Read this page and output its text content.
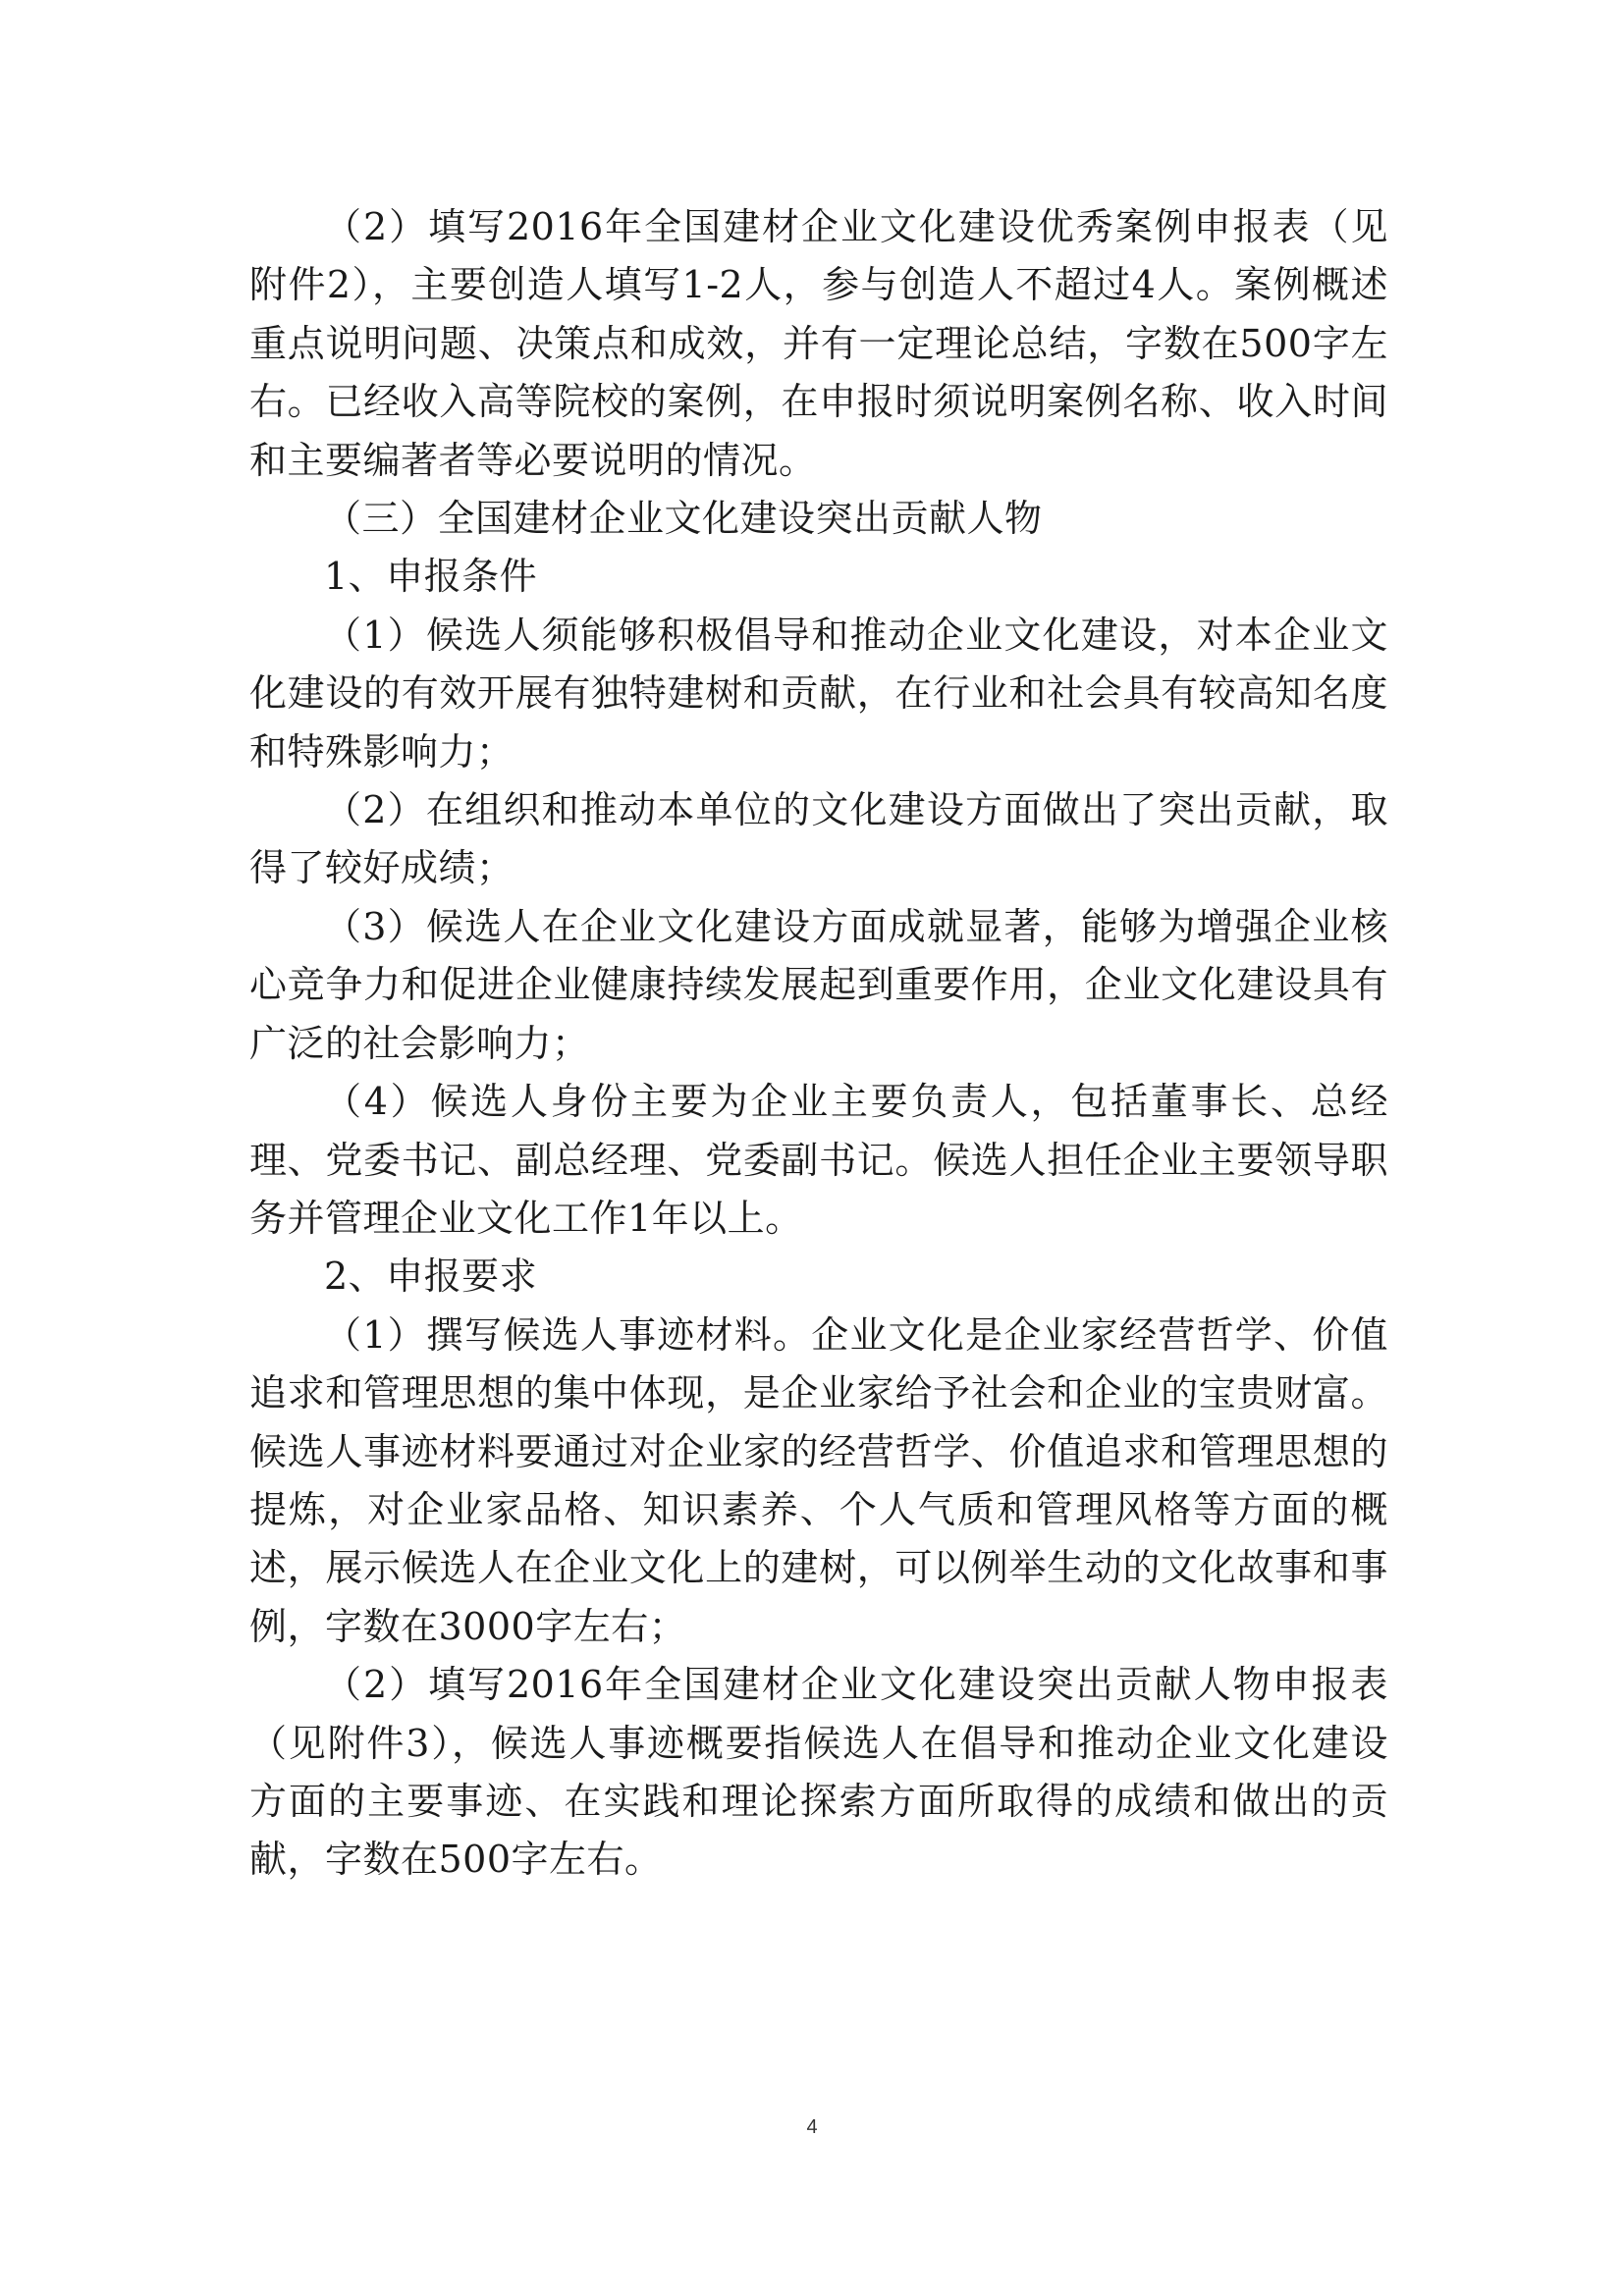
（2）填写2016年全国建材企业文化建设优秀案例申报表（见附件2），主要创造人填写1-2人，参与创造人不超过4人。案例概述重点说明问题、决策点和成效，并有一定理论总结，字数在500字左右。已经收入高等院校的案例，在申报时须说明案例名称、收入时间和主要编著者等必要说明的情况。

（三）全国建材企业文化建设突出贡献人物

1、申报条件

（1）候选人须能够积极倡导和推动企业文化建设，对本企业文化建设的有效开展有独特建树和贡献，在行业和社会具有较高知名度和特殊影响力；

（2）在组织和推动本单位的文化建设方面做出了突出贡献，取得了较好成绩；

（3）候选人在企业文化建设方面成就显著，能够为增强企业核心竞争力和促进企业健康持续发展起到重要作用，企业文化建设具有广泛的社会影响力；

（4）候选人身份主要为企业主要负责人，包括董事长、总经理、党委书记、副总经理、党委副书记。候选人担任企业主要领导职务并管理企业文化工作1年以上。

2、申报要求

（1）撰写候选人事迹材料。企业文化是企业家经营哲学、价值追求和管理思想的集中体现，是企业家给予社会和企业的宝贵财富。候选人事迹材料要通过对企业家的经营哲学、价值追求和管理思想的提炼，对企业家品格、知识素养、个人气质和管理风格等方面的概述，展示候选人在企业文化上的建树，可以例举生动的文化故事和事例，字数在3000字左右；

（2）填写2016年全国建材企业文化建设突出贡献人物申报表（见附件3），候选人事迹概要指候选人在倡导和推动企业文化建设方面的主要事迹、在实践和理论探索方面所取得的成绩和做出的贡献，字数在500字左右。

4
